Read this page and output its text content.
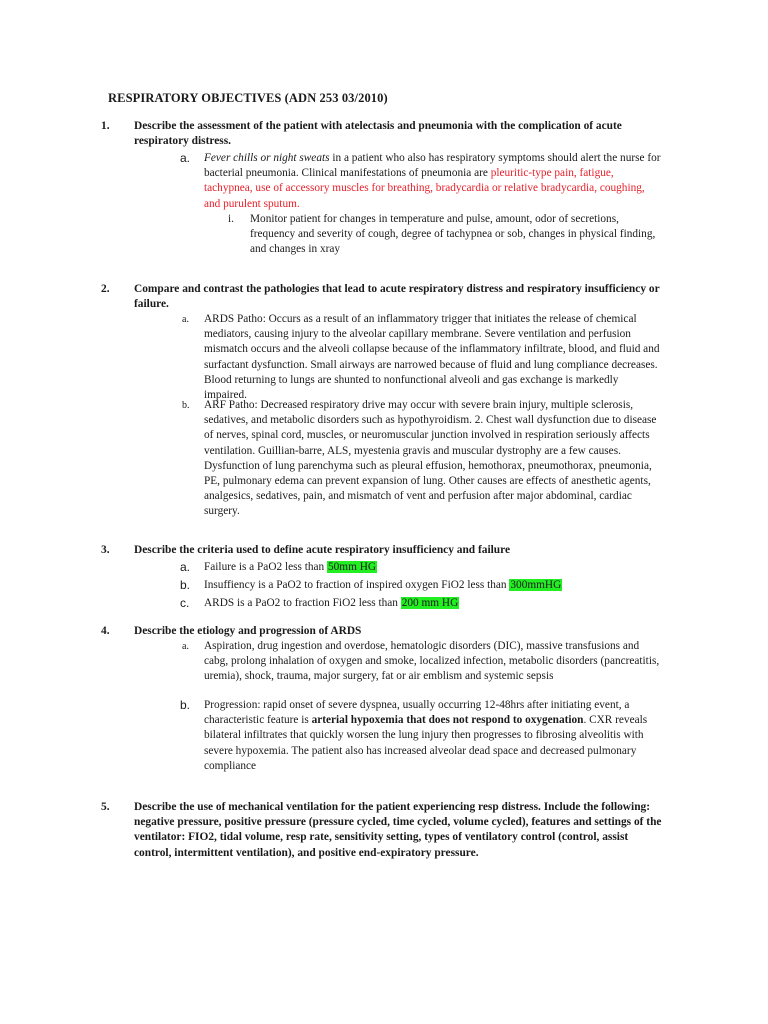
RESPIRATORY OBJECTIVES (ADN 253 03/2010)
1. Describe the assessment of the patient with atelectasis and pneumonia with the complication of acute respiratory distress.
a. Fever chills or night sweats in a patient who also has respiratory symptoms should alert the nurse for bacterial pneumonia. Clinical manifestations of pneumonia are pleuritic-type pain, fatigue, tachypnea, use of accessory muscles for breathing, bradycardia or relative bradycardia, coughing, and purulent sputum.
i. Monitor patient for changes in temperature and pulse, amount, odor of secretions, frequency and severity of cough, degree of tachypnea or sob, changes in physical finding, and changes in xray
2. Compare and contrast the pathologies that lead to acute respiratory distress and respiratory insufficiency or failure.
a. ARDS Patho: Occurs as a result of an inflammatory trigger that initiates the release of chemical mediators, causing injury to the alveolar capillary membrane. Severe ventilation and perfusion mismatch occurs and the alveoli collapse because of the inflammatory infiltrate, blood, and fluid and surfactant dysfunction. Small airways are narrowed because of fluid and lung compliance decreases. Blood returning to lungs are shunted to nonfunctional alveoli and gas exchange is markedly impaired.
b. ARF Patho: Decreased respiratory drive may occur with severe brain injury, multiple sclerosis, sedatives, and metabolic disorders such as hypothyroidism. 2. Chest wall dysfunction due to disease of nerves, spinal cord, muscles, or neuromuscular junction involved in respiration seriously affects ventilation. Guillian-barre, ALS, myestenia gravis and muscular dystrophy are a few causes. Dysfunction of lung parenchyma such as pleural effusion, hemothorax, pneumothorax, pneumonia, PE, pulmonary edema can prevent expansion of lung. Other causes are effects of anesthetic agents, analgesics, sedatives, pain, and mismatch of vent and perfusion after major abdominal, cardiac surgery.
3. Describe the criteria used to define acute respiratory insufficiency and failure
a. Failure is a PaO2 less than 50mm HG
b. Insuffiency is a PaO2 to fraction of inspired oxygen FiO2 less than 300mmHG
c. ARDS is a PaO2 to fraction FiO2 less than 200 mm HG
4. Describe the etiology and progression of ARDS
a. Aspiration, drug ingestion and overdose, hematologic disorders (DIC), massive transfusions and cabg, prolong inhalation of oxygen and smoke, localized infection, metabolic disorders (pancreatitis, uremia), shock, trauma, major surgery, fat or air emblism and systemic sepsis
b. Progression: rapid onset of severe dyspnea, usually occurring 12-48hrs after initiating event, a characteristic feature is arterial hypoxemia that does not respond to oxygenation. CXR reveals bilateral infiltrates that quickly worsen the lung injury then progresses to fibrosing alveolitis with severe hypoxemia. The patient also has increased alveolar dead space and decreased pulmonary compliance
5. Describe the use of mechanical ventilation for the patient experiencing resp distress. Include the following: negative pressure, positive pressure (pressure cycled, time cycled, volume cycled), features and settings of the ventilator: FIO2, tidal volume, resp rate, sensitivity setting, types of ventilatory control (control, assist control, intermittent ventilation), and positive end-expiratory pressure.
